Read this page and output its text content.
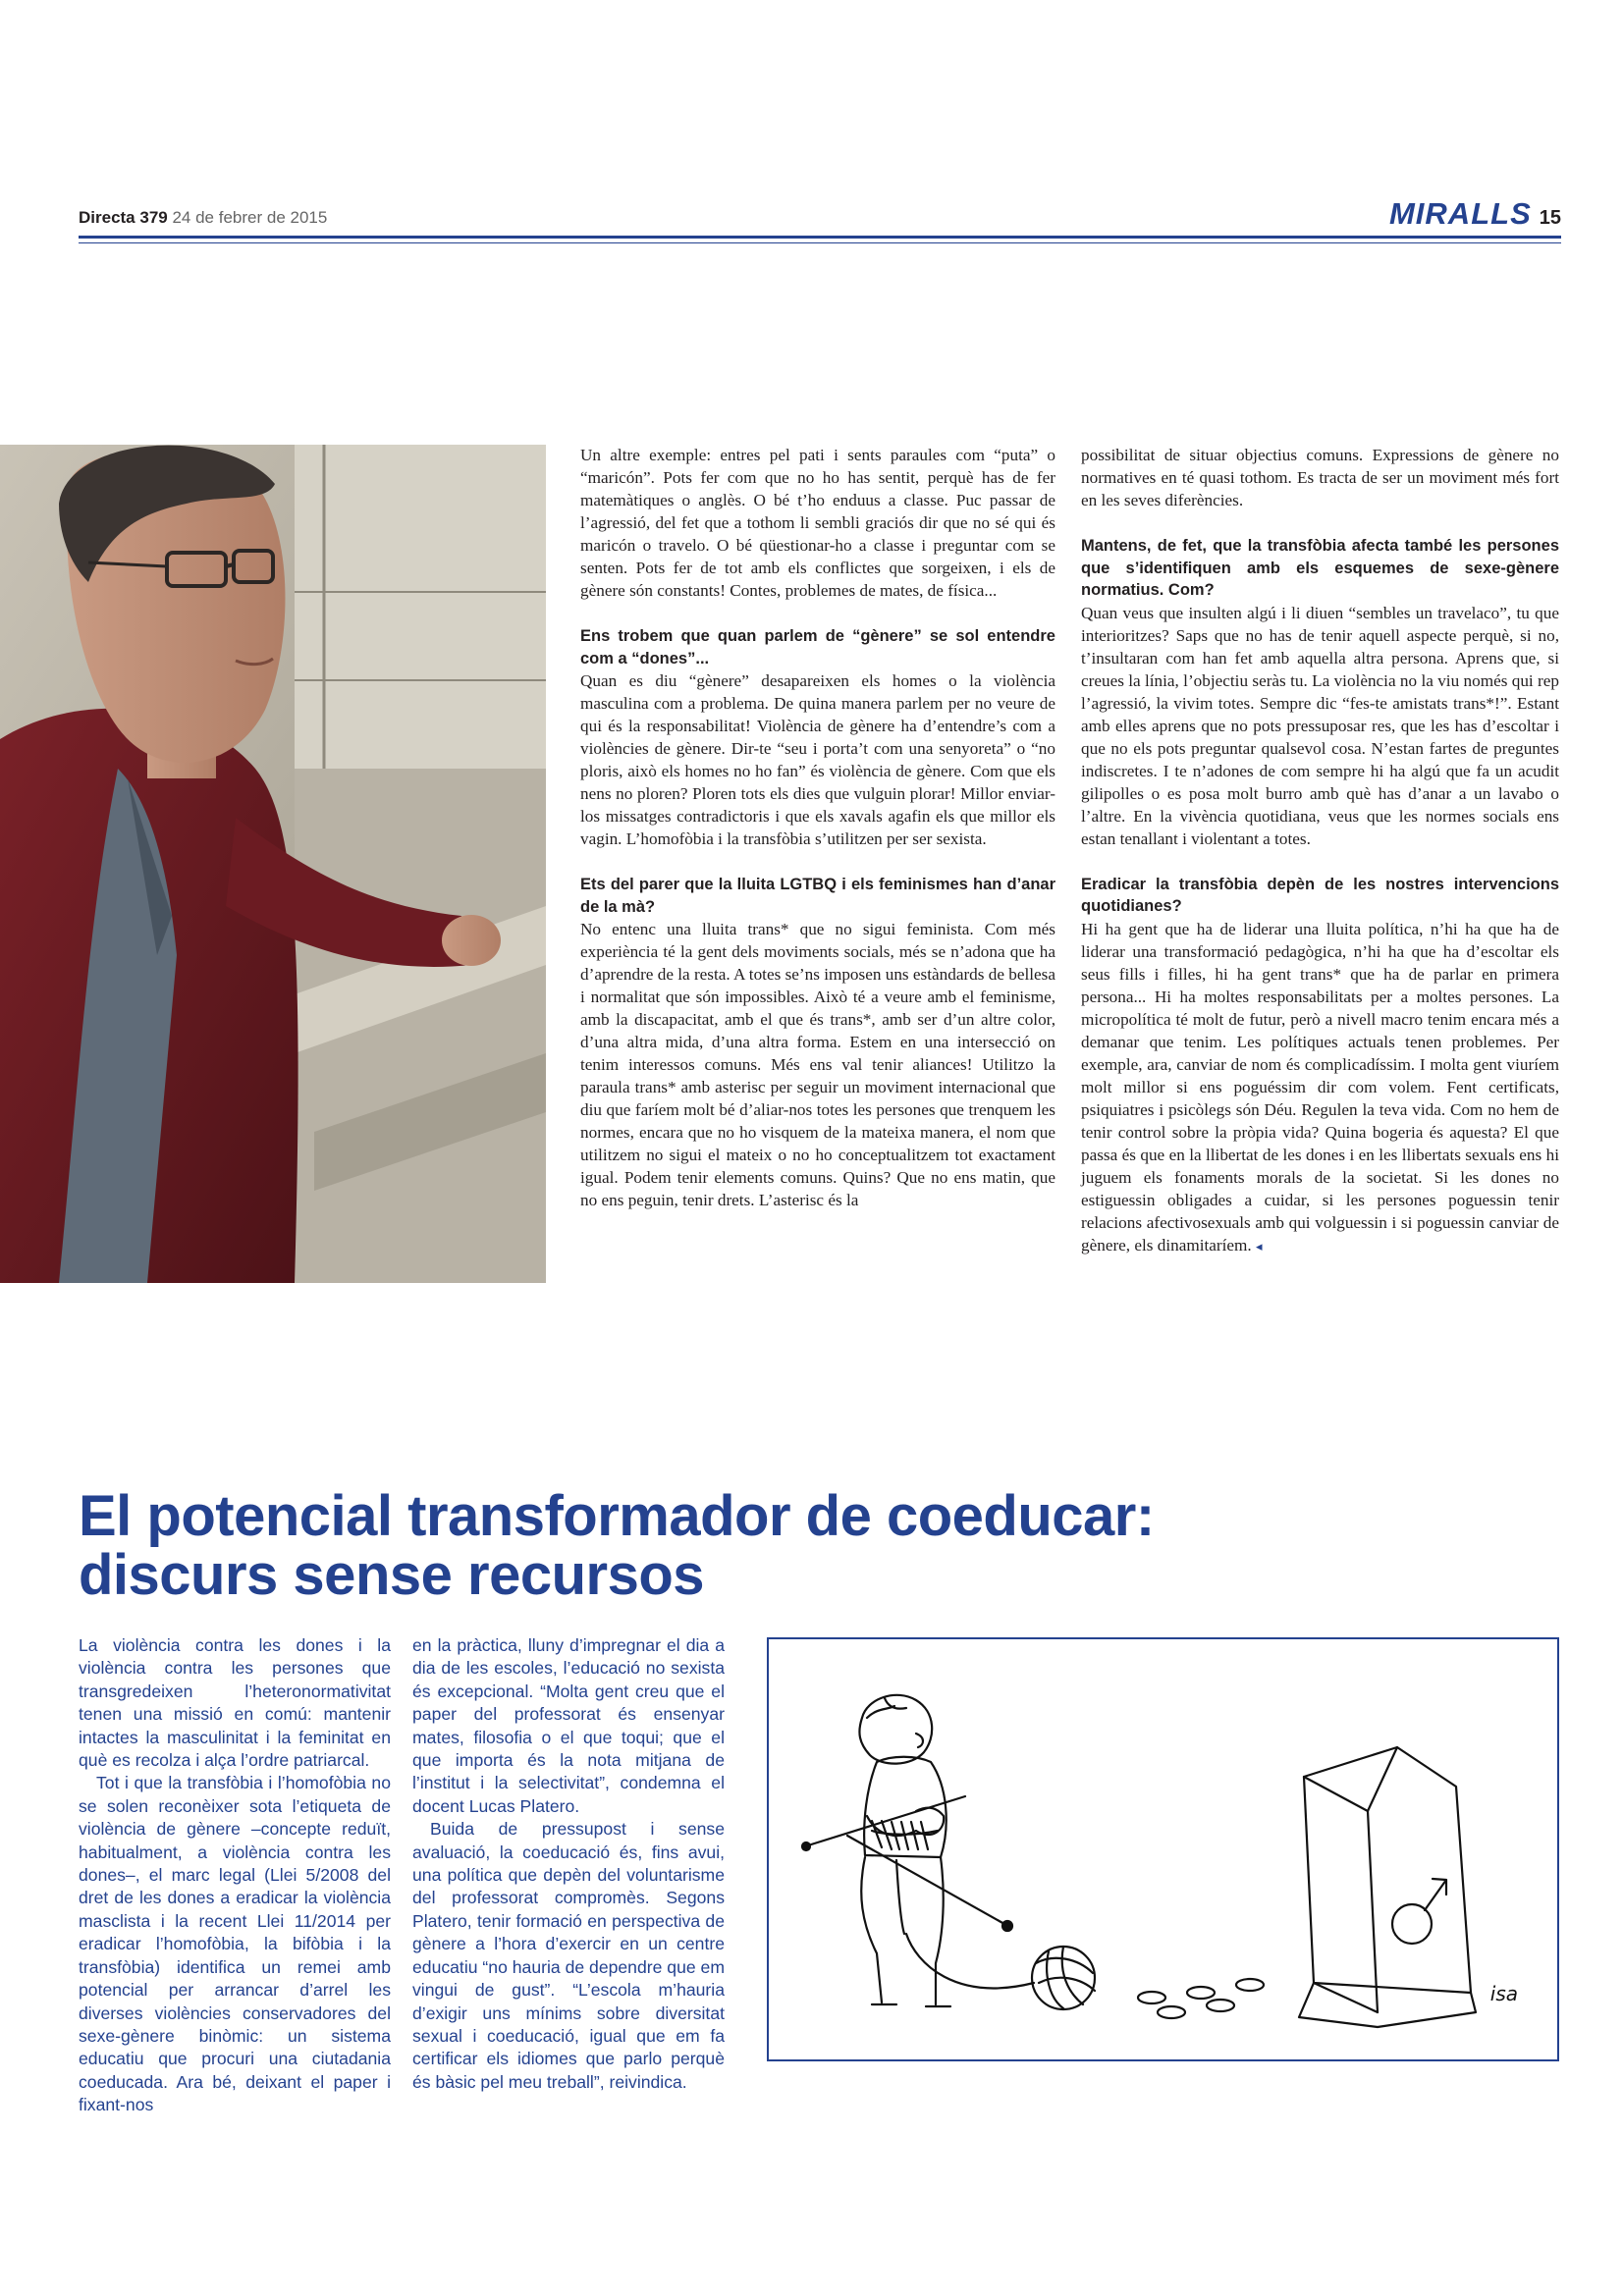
Directa 379 24 de febrer de 2015	MIRALLS 15

Un altre exemple: entres pel pati i sents paraules com “puta” o “maricón”. Pots fer com que no ho has sentit, perquè has de fer matemàtiques o anglès. O bé t’ho enduus a classe. Puc passar de l’agressió, del fet que a tothom li sembli graciós dir que no sé qui és maricón o travelo. O bé qüestionar-ho a classe i preguntar com se senten. Pots fer de tot amb els conflictes que sorgeixen, i els de gènere són constants! Contes, problemes de mates, de física...

Ens trobem que quan parlem de “gènere” se sol entendre com a “dones”...

Quan es diu “gènere” desapareixen els homes o la violència masculina com a problema. De quina manera parlem per no veure de qui és la responsabilitat! Violència de gènere ha d’entendre’s com a violències de gènere. Dir-te “seu i porta’t com una senyoreta” o “no ploris, això els homes no ho fan” és violència de gènere. Com que els nens no ploren? Ploren tots els dies que vulguin plorar! Millor enviar-los missatges contradictoris i que els xavals agafin els que millor els vagin. L’homofòbia i la transfòbia s’utilitzen per ser sexista.

Ets del parer que la lluita LGTBQ i els feminismes han d’anar de la mà?

No entenc una lluita trans* que no sigui feminista. Com més experiència té la gent dels moviments socials, més se n’adona que ha d’aprendre de la resta. A totes se’ns imposen uns estàndards de bellesa i normalitat que són impossibles. Això té a veure amb el feminisme, amb la discapacitat, amb el que és trans*, amb ser d’un altre color, d’una altra mida, d’una altra forma. Estem en una intersecció on tenim interessos comuns. Més ens val tenir aliances! Utilitzo la paraula trans* amb asterisc per seguir un moviment internacional que diu que faríem molt bé d’aliar-nos totes les persones que trenquem les normes, encara que no ho visquem de la mateixa manera, el nom que utilitzem no sigui el mateix o no ho conceptualitzem tot exactament igual. Podem tenir elements comuns. Quins? Que no ens matin, que no ens peguin, tenir drets. L’asterisc és la

possibilitat de situar objectius comuns. Expressions de gènere no normatives en té quasi tothom. Es tracta de ser un moviment més fort en les seves diferències.

Mantens, de fet, que la transfòbia afecta també les persones que s’identifiquen amb els esquemes de sexe-gènere normatius. Com?

Quan veus que insulten algú i li diuen “sembles un travelaco”, tu que interioritzes? Saps que no has de tenir aquell aspecte perquè, si no, t’insultaran com han fet amb aquella altra persona. Aprens que, si creues la línia, l’objectiu seràs tu. La violència no la viu només qui rep l’agressió, la vivim totes. Sempre dic “fes-te amistats trans*!”. Estant amb elles aprens que no pots pressuposar res, que les has d’escoltar i que no els pots preguntar qualsevol cosa. N’estan fartes de preguntes indiscretes. I te n’adones de com sempre hi ha algú que fa un acudit gilipolles o es posa molt burro amb què has d’anar a un lavabo o l’altre. En la vivència quotidiana, veus que les normes socials ens estan tenallant i violentant a totes.

Eradicar la transfòbia depèn de les nostres intervencions quotidianes?

Hi ha gent que ha de liderar una lluita política, n’hi ha que ha de liderar una transformació pedagògica, n’hi ha que ha d’escoltar els seus fills i filles, hi ha gent trans* que ha de parlar en primera persona... Hi ha moltes responsabilitats per a moltes persones. La micropolítica té molt de futur, però a nivell macro tenim encara més a demanar que tenim. Les polítiques actuals tenen problemes. Per exemple, ara, canviar de nom és complicadíssim. I molta gent viuríem molt millor si ens poguéssim dir com volem. Fent certificats, psiquiatres i psicòlegs són Déu. Regulen la teva vida. Com no hem de tenir control sobre la pròpia vida? Quina bogeria és aquesta? El que passa és que en la llibertat de les dones i en les llibertats sexuals ens hi juguem els fonaments morals de la societat. Si les dones no estiguessin obligades a cuidar, si les persones poguessin tenir relacions afectivosexuals amb qui volguessin i si poguessin canviar de gènere, els dinamitaríem. ◂

El potencial transformador de coeducar:
discurs sense recursos

La violència contra les dones i la violència contra les persones que transgredeixen l’heteronormativitat tenen una missió en comú: mantenir intactes la masculinitat i la feminitat en què es recolza i alça l’ordre patriarcal.

Tot i que la transfòbia i l’homofòbia no se solen reconèixer sota l’etiqueta de violència de gènere –concepte reduït, habitualment, a violència contra les dones–, el marc legal (Llei 5/2008 del dret de les dones a eradicar la violència masclista i la recent Llei 11/2014 per eradicar l’homofòbia, la bifòbia i la transfòbia) identifica un remei amb potencial per arrancar d’arrel les diverses violències conservadores del sexe-gènere binòmic: un sistema educatiu que procuri una ciutadania coeducada. Ara bé, deixant el paper i fixant-nos

en la pràctica, lluny d’impregnar el dia a dia de les escoles, l’educació no sexista és excepcional. “Molta gent creu que el paper del professorat és ensenyar mates, filosofia o el que toqui; que el que importa és la nota mitjana de l’institut i la selectivitat”, condemna el docent Lucas Platero.

Buida de pressupost i sense avaluació, la coeducació és, fins avui, una política que depèn del voluntarisme del professorat compromès. Segons Platero, tenir formació en perspectiva de gènere a l’hora d’exercir en un centre educatiu “no hauria de dependre que em vingui de gust”. “L’escola m’hauria d’exigir uns mínims sobre diversitat sexual i coeducació, igual que em fa certificar els idiomes que parlo perquè és bàsic pel meu treball”, reivindica.

isa
